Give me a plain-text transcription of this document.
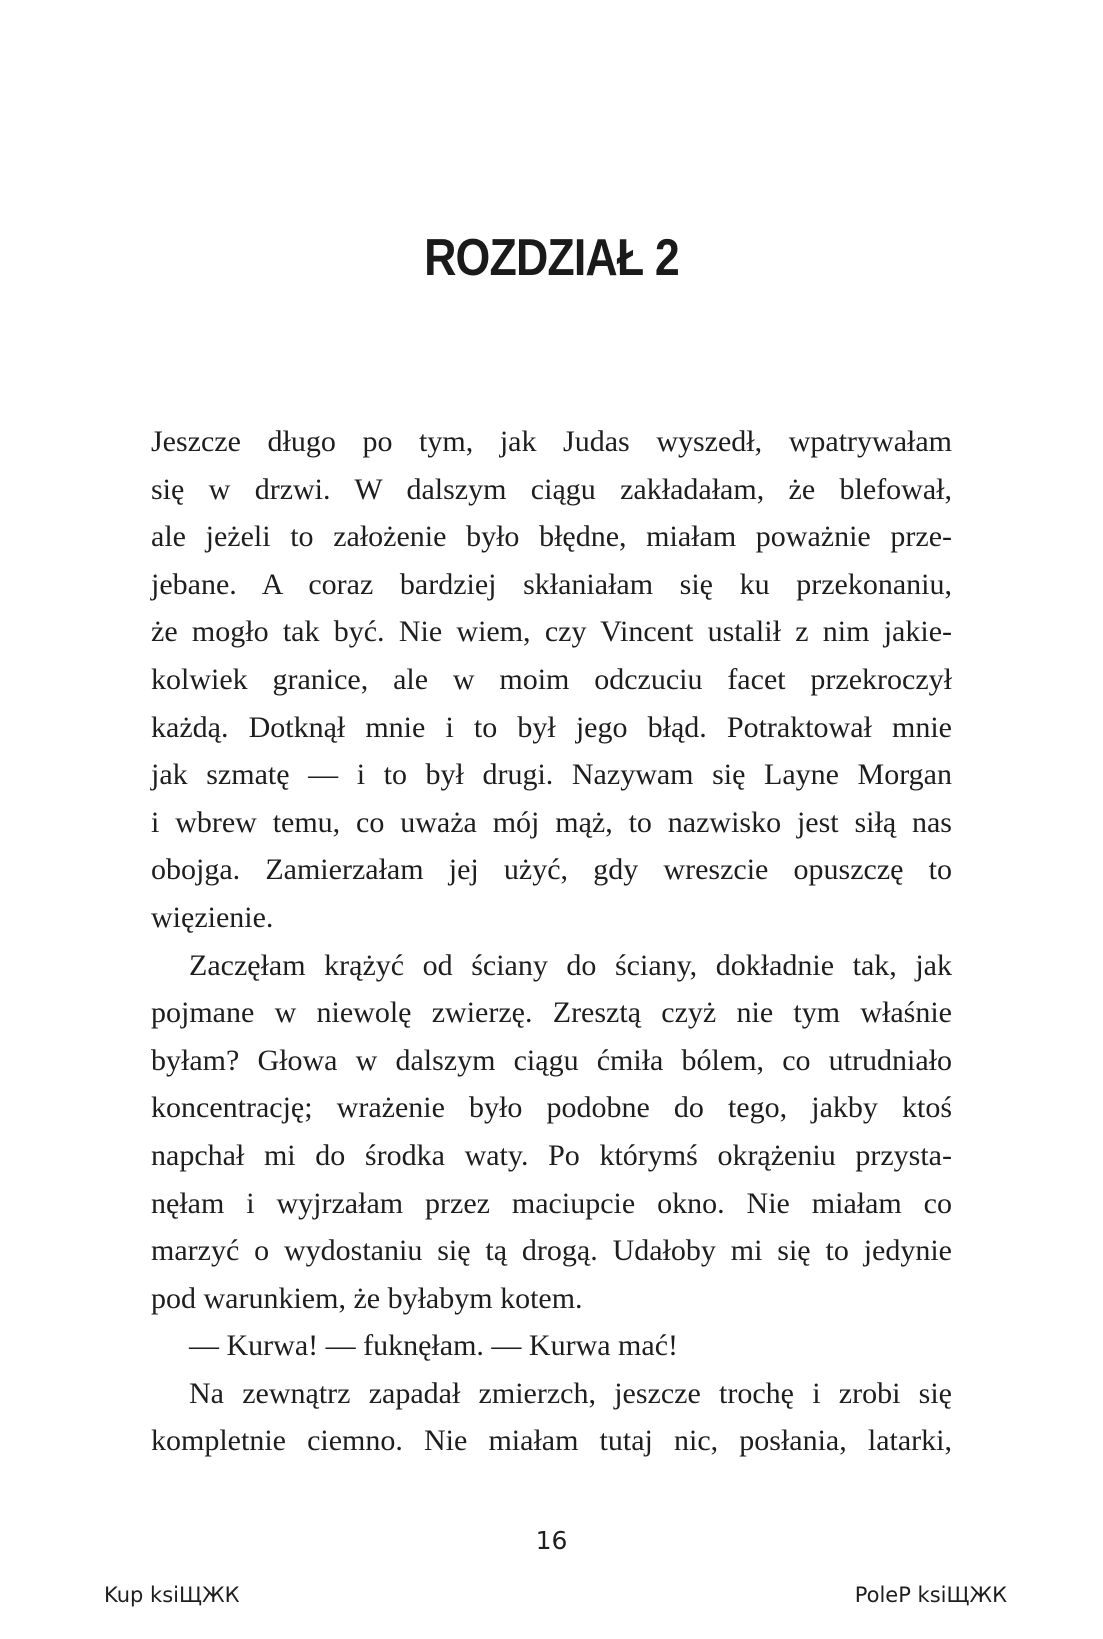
ROZDZIAŁ 2
Jeszcze długo po tym, jak Judas wyszedł, wpatrywałam
się w drzwi. W dalszym ciągu zakładałam, że blefował,
ale jeżeli to założenie było błędne, miałam poważnie prze-
jebane. A coraz bardziej skłaniałam się ku przekonaniu,
że mogło tak być. Nie wiem, czy Vincent ustalił z nim jakie-
kolwiek granice, ale w moim odczuciu facet przekroczył
każdą. Dotknął mnie i to był jego błąd. Potraktował mnie
jak szmatę — i to był drugi. Nazywam się Layne Morgan
i wbrew temu, co uważa mój mąż, to nazwisko jest siłą nas
obojga. Zamierzałam jej użyć, gdy wreszcie opuszczę to
więzienie.
Zaczęłam krążyć od ściany do ściany, dokładnie tak, jak
pojmane w niewolę zwierzę. Zresztą czyż nie tym właśnie
byłam? Głowa w dalszym ciągu ćmiła bólem, co utrudniało
koncentrację; wrażenie było podobne do tego, jakby ktoś
napchał mi do środka waty. Po którymś okrążeniu przysta-
nęłam i wyjrzałam przez maciupcie okno. Nie miałam co
marzyć o wydostaniu się tą drogą. Udałoby mi się to jedynie
pod warunkiem, że byłabym kotem.
— Kurwa! — fuknęłam. — Kurwa mać!
Na zewnątrz zapadał zmierzch, jeszcze trochę i zrobi się
kompletnie ciemno. Nie miałam tutaj nic, posłania, latarki,
16
Kup ksiЩЖК	PoleP ksiЩЖК
